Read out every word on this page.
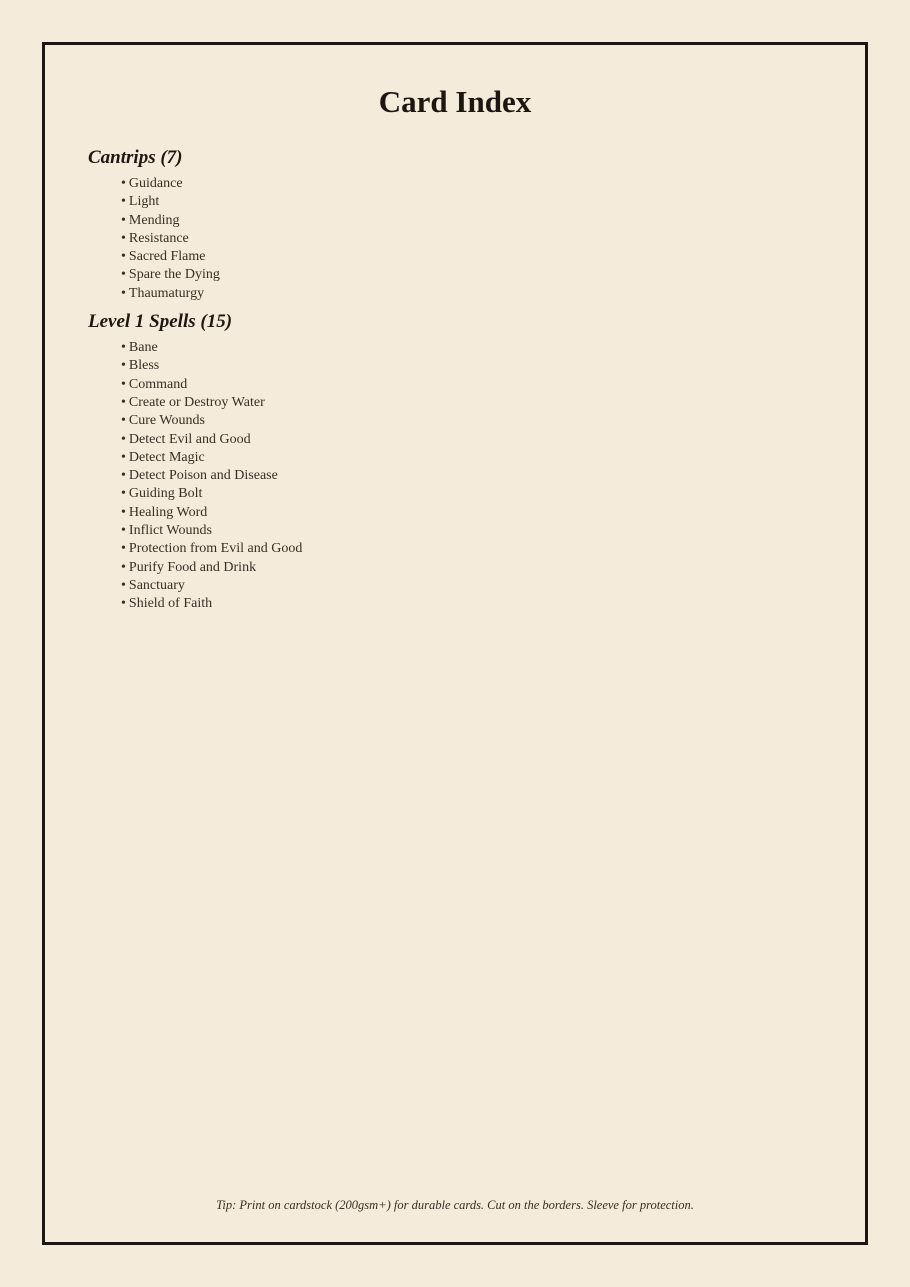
Card Index
Cantrips (7)
• Guidance
• Light
• Mending
• Resistance
• Sacred Flame
• Spare the Dying
• Thaumaturgy
Level 1 Spells (15)
• Bane
• Bless
• Command
• Create or Destroy Water
• Cure Wounds
• Detect Evil and Good
• Detect Magic
• Detect Poison and Disease
• Guiding Bolt
• Healing Word
• Inflict Wounds
• Protection from Evil and Good
• Purify Food and Drink
• Sanctuary
• Shield of Faith

Tip: Print on cardstock (200gsm+) for durable cards. Cut on the borders. Sleeve for protection.
